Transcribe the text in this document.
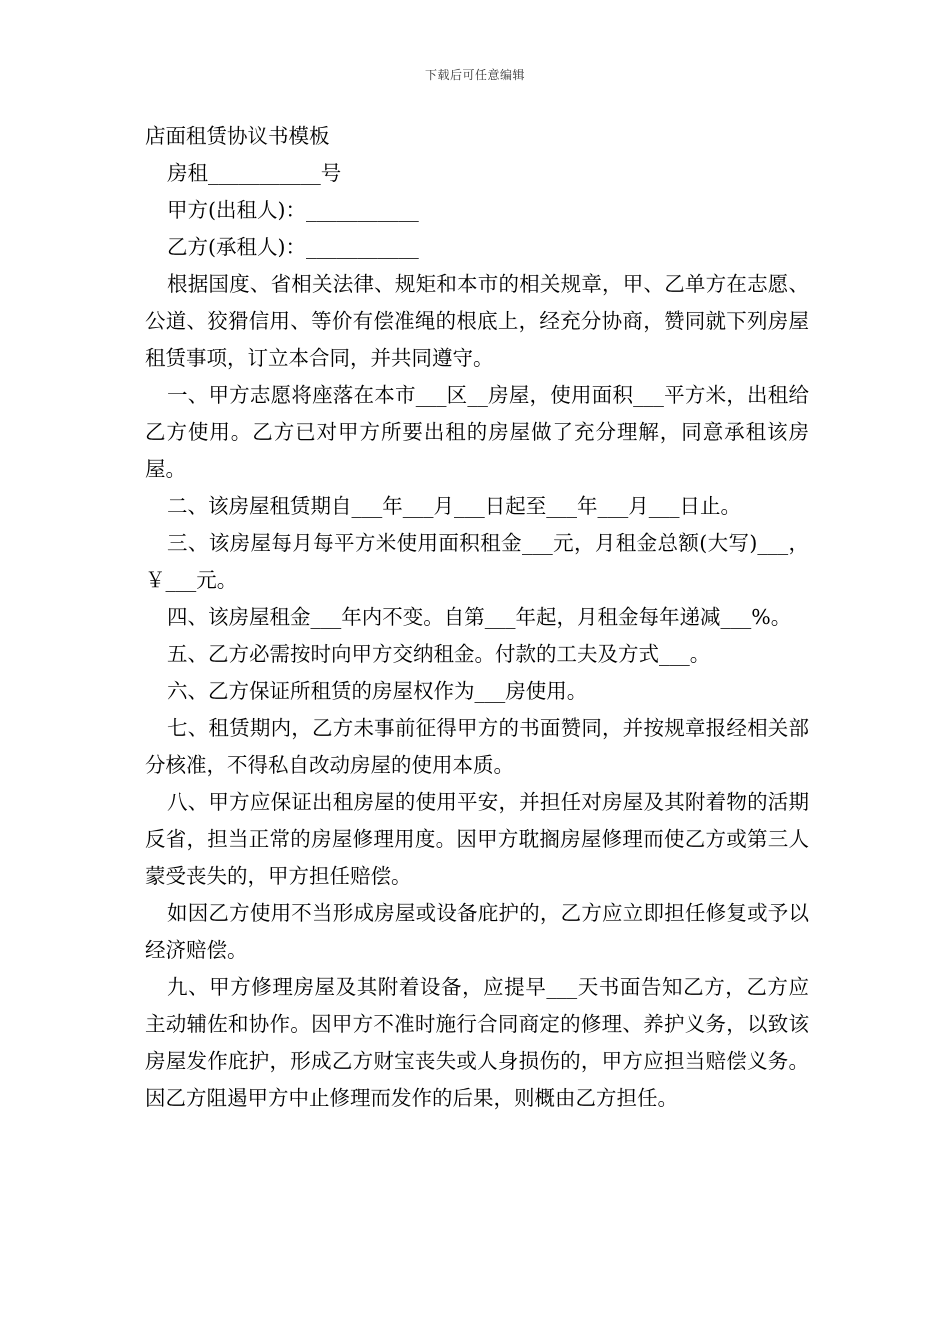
下载后可任意编辑

店面租赁协议书模板

房租___________号

甲方(出租人)：___________

乙方(承租人)：___________

根据国度、省相关法律、规矩和本市的相关规章，甲、乙单方在志愿、公道、狡猾信用、等价有偿准绳的根底上，经充分协商，赞同就下列房屋租赁事项，订立本合同，并共同遵守。

一、甲方志愿将座落在本市___区__房屋，使用面积___平方米，出租给乙方使用。乙方已对甲方所要出租的房屋做了充分理解，同意承租该房屋。

二、该房屋租赁期自___年___月___日起至___年___月___日止。

三、该房屋每月每平方米使用面积租金___元，月租金总额(大写)___，￥___元。

四、该房屋租金___年内不变。自第___年起，月租金每年递减___%。

五、乙方必需按时向甲方交纳租金。付款的工夫及方式___。

六、乙方保证所租赁的房屋权作为___房使用。

七、租赁期内，乙方未事前征得甲方的书面赞同，并按规章报经相关部分核准，不得私自改动房屋的使用本质。

八、甲方应保证出租房屋的使用平安，并担任对房屋及其附着物的活期反省，担当正常的房屋修理用度。因甲方耽搁房屋修理而使乙方或第三人蒙受丧失的，甲方担任赔偿。

如因乙方使用不当形成房屋或设备庇护的，乙方应立即担任修复或予以经济赔偿。

九、甲方修理房屋及其附着设备，应提早___天书面告知乙方，乙方应主动辅佐和协作。因甲方不准时施行合同商定的修理、养护义务，以致该房屋发作庇护，形成乙方财宝丧失或人身损伤的，甲方应担当赔偿义务。因乙方阻遏甲方中止修理而发作的后果，则概由乙方担任。
